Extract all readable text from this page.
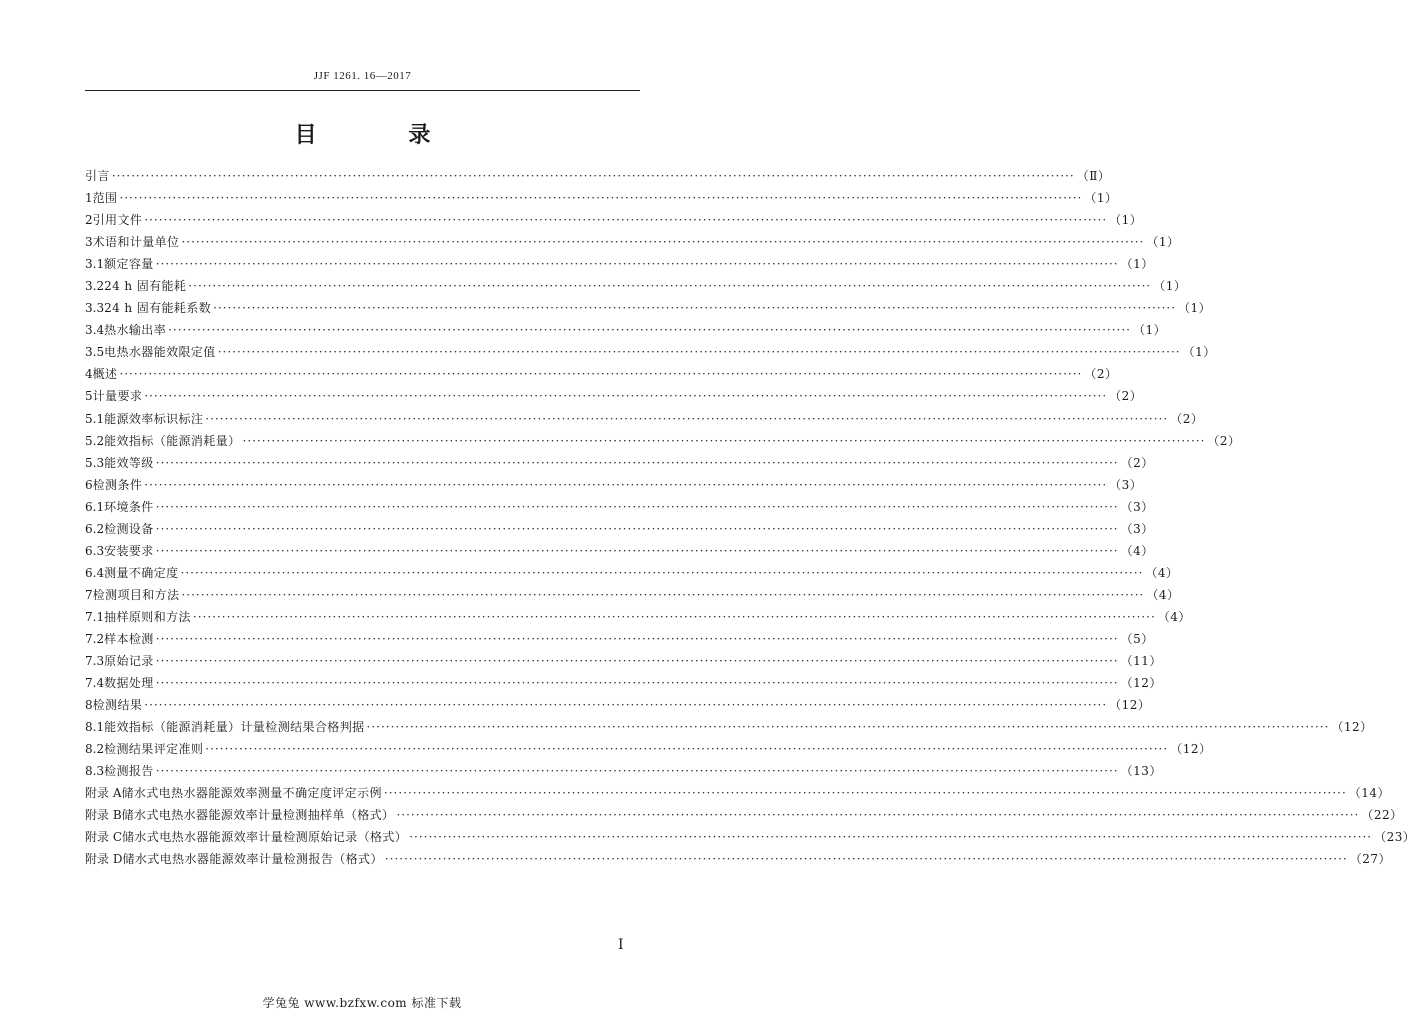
JJF 1261. 16—2017
目 录
引言 ········································································································································································································ （Ⅱ）
1 范围 ········································································································································································································ （1）
2 引用文件 ········································································································································································································ （1）
3 术语和计量单位 ········································································································································································································ （1）
3.1 额定容量 ········································································································································································································ （1）
3.2 24 h 固有能耗 ········································································································································································································ （1）
3.3 24 h 固有能耗系数 ········································································································································································································ （1）
3.4 热水输出率 ········································································································································································································ （1）
3.5 电热水器能效限定值 ········································································································································································································ （1）
4 概述 ········································································································································································································ （2）
5 计量要求 ········································································································································································································ （2）
5.1 能源效率标识标注 ········································································································································································································ （2）
5.2 能效指标（能源消耗量） ········································································································································································································ （2）
5.3 能效等级 ········································································································································································································ （2）
6 检测条件 ········································································································································································································ （3）
6.1 环境条件 ········································································································································································································ （3）
6.2 检测设备 ········································································································································································································ （3）
6.3 安装要求 ········································································································································································································ （4）
6.4 测量不确定度 ········································································································································································································ （4）
7 检测项目和方法 ········································································································································································································ （4）
7.1 抽样原则和方法 ········································································································································································································ （4）
7.2 样本检测 ········································································································································································································ （5）
7.3 原始记录 ········································································································································································································ （11）
7.4 数据处理 ········································································································································································································ （12）
8 检测结果 ········································································································································································································ （12）
8.1 能效指标（能源消耗量）计量检测结果合格判据 ········································································································································································································ （12）
8.2 检测结果评定准则 ········································································································································································································ （12）
8.3 检测报告 ········································································································································································································ （13）
附录 A 储水式电热水器能源效率测量不确定度评定示例 ········································································································································································································ （14）
附录 B 储水式电热水器能源效率计量检测抽样单（格式） ········································································································································································································ （22）
附录 C 储水式电热水器能源效率计量检测原始记录（格式） ········································································································································································································ （23）
附录 D 储水式电热水器能源效率计量检测报告（格式） ········································································································································································································ （27）
I
学兔兔 www.bzfxw.com 标准下载
